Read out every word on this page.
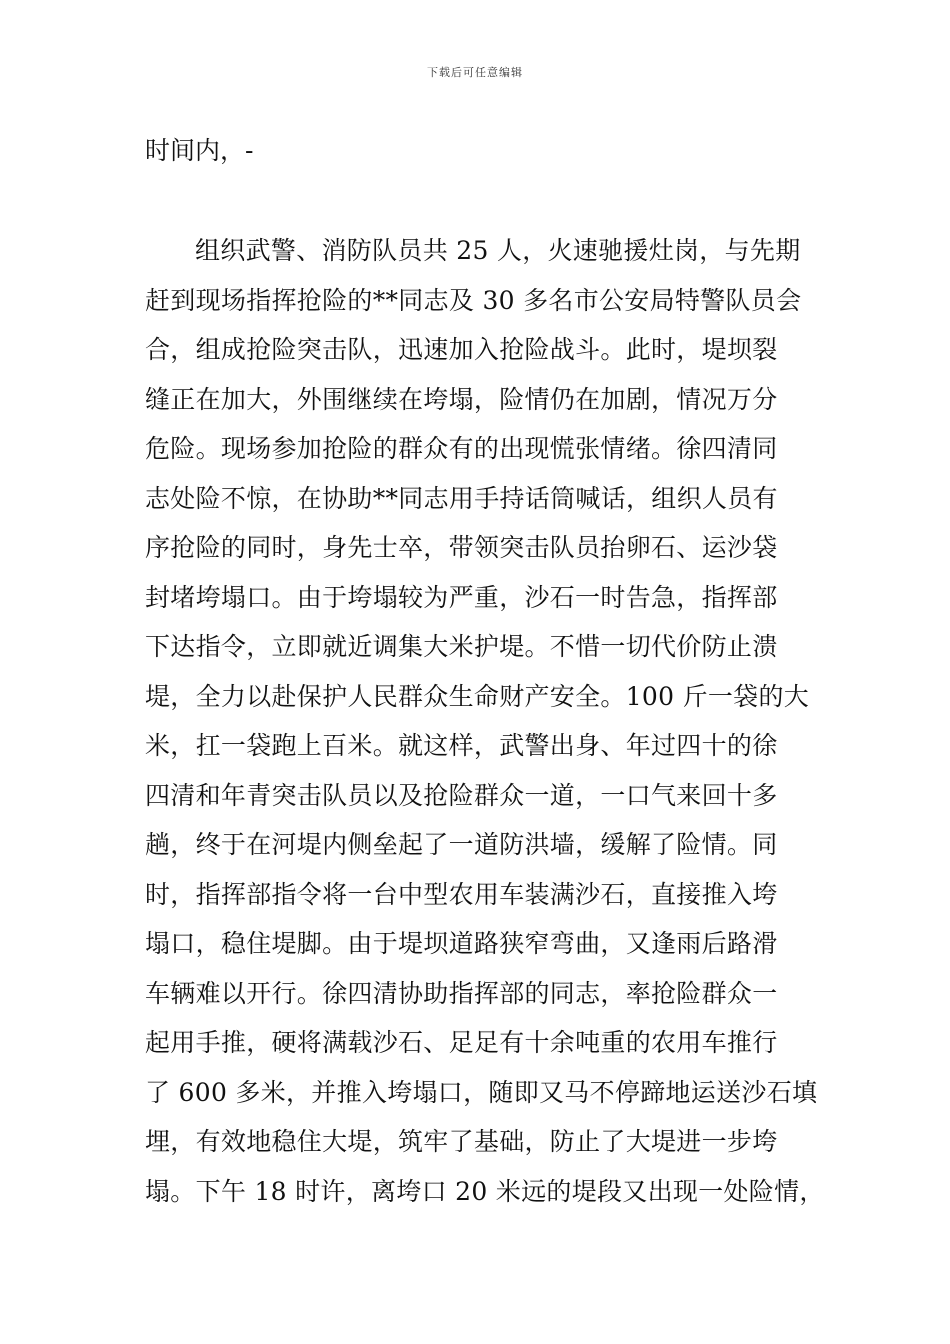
下载后可任意编辑
时间内，-
组织武警、消防队员共 25 人，火速驰援灶岗，与先期
赶到现场指挥抢险的**同志及 30 多名市公安局特警队员会
合，组成抢险突击队，迅速加入抢险战斗。此时，堤坝裂
缝正在加大，外围继续在垮塌，险情仍在加剧，情况万分
危险。现场参加抢险的群众有的出现慌张情绪。徐四清同
志处险不惊，在协助**同志用手持话筒喊话，组织人员有
序抢险的同时，身先士卒，带领突击队员抬卵石、运沙袋
封堵垮塌口。由于垮塌较为严重，沙石一时告急，指挥部
下达指令，立即就近调集大米护堤。不惜一切代价防止溃
堤，全力以赴保护人民群众生命财产安全。100 斤一袋的大
米，扛一袋跑上百米。就这样，武警出身、年过四十的徐
四清和年青突击队员以及抢险群众一道，一口气来回十多
趟，终于在河堤内侧垒起了一道防洪墙，缓解了险情。同
时，指挥部指令将一台中型农用车装满沙石，直接推入垮
塌口，稳住堤脚。由于堤坝道路狭窄弯曲，又逢雨后路滑
车辆难以开行。徐四清协助指挥部的同志，率抢险群众一
起用手推，硬将满载沙石、足足有十余吨重的农用车推行
了 600 多米，并推入垮塌口，随即又马不停蹄地运送沙石填
埋，有效地稳住大堤，筑牢了基础，防止了大堤进一步垮
塌。下午 18 时许，离垮口 20 米远的堤段又出现一处险情，
